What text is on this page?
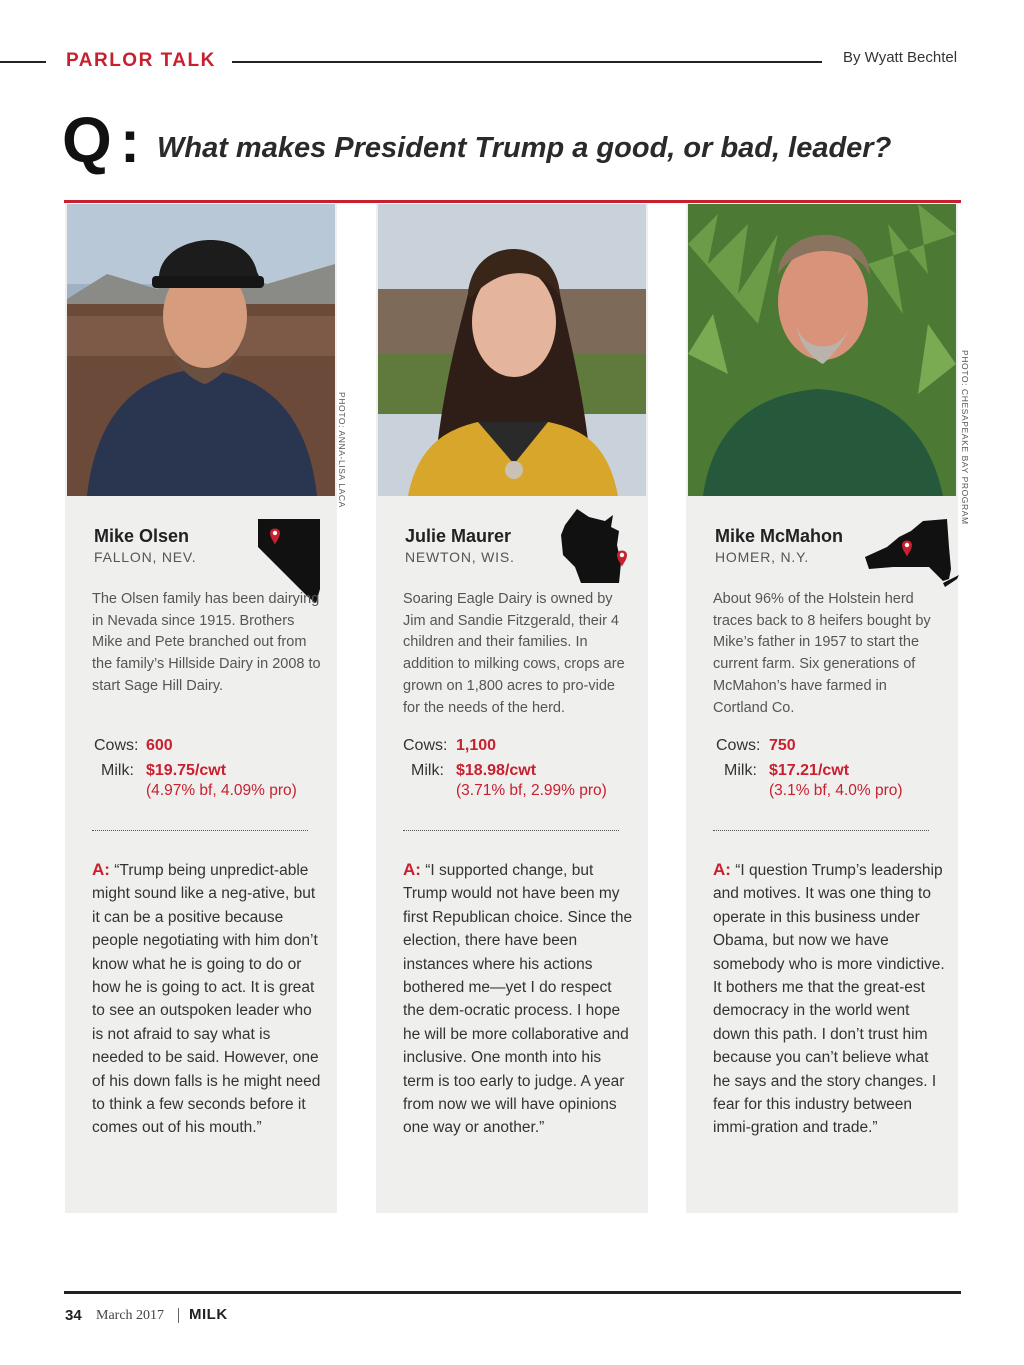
PARLOR TALK	By Wyatt Bechtel
Q : What makes President Trump a good, or bad, leader?
PHOTO: ANNA-LISA LACA
Mike Olsen
FALLON, NEV.
The Olsen family has been dairying in Nevada since 1915. Brothers Mike and Pete branched out from the family’s Hillside Dairy in 2008 to start Sage Hill Dairy.
Cows: 600
Milk: $19.75/cwt
(4.97% bf, 4.09% pro)
A: “Trump being unpredict-able might sound like a neg-ative, but it can be a positive because people negotiating with him don’t know what he is going to do or how he is going to act. It is great to see an outspoken leader who is not afraid to say what is needed to be said. However, one of his down falls is he might need to think a few seconds before it comes out of his mouth.”
Julie Maurer
NEWTON, WIS.
Soaring Eagle Dairy is owned by Jim and Sandie Fitzgerald, their 4 children and their families. In addition to milking cows, crops are grown on 1,800 acres to pro-vide for the needs of the herd.
Cows: 1,100
Milk: $18.98/cwt
(3.71% bf, 2.99% pro)
A: “I supported change, but Trump would not have been my first Republican choice. Since the election, there have been instances where his actions bothered me—yet I do respect the dem-ocratic process. I hope he will be more collaborative and inclusive. One month into his term is too early to judge. A year from now we will have opinions one way or another.”
PHOTO: CHESAPEAKE BAY PROGRAM
Mike McMahon
HOMER, N.Y.
About 96% of the Holstein herd traces back to 8 heifers bought by Mike’s father in 1957 to start the current farm. Six generations of McMahon’s have farmed in Cortland Co.
Cows: 750
Milk: $17.21/cwt
(3.1% bf, 4.0% pro)
A: “I question Trump’s leadership and motives. It was one thing to operate in this business under Obama, but now we have somebody who is more vindictive. It bothers me that the great-est democracy in the world went down this path. I don’t trust him because you can’t believe what he says and the story changes. I fear for this industry between immi-gration and trade.”
34 March 2017 MILK
